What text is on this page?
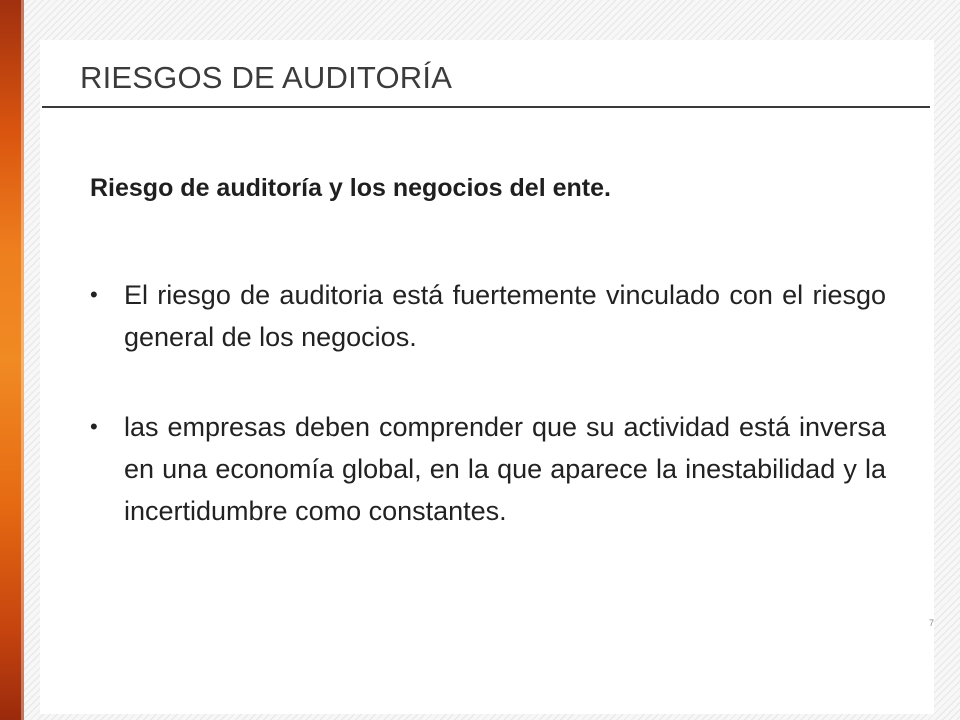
RIESGOS DE AUDITORÍA
Riesgo de auditoría y los negocios del ente.
• El riesgo de auditoria está fuertemente vinculado con el riesgo general de los negocios.
• las empresas deben comprender que su actividad está inversa en una economía global, en la que aparece la inestabilidad y la incertidumbre como constantes.
7
